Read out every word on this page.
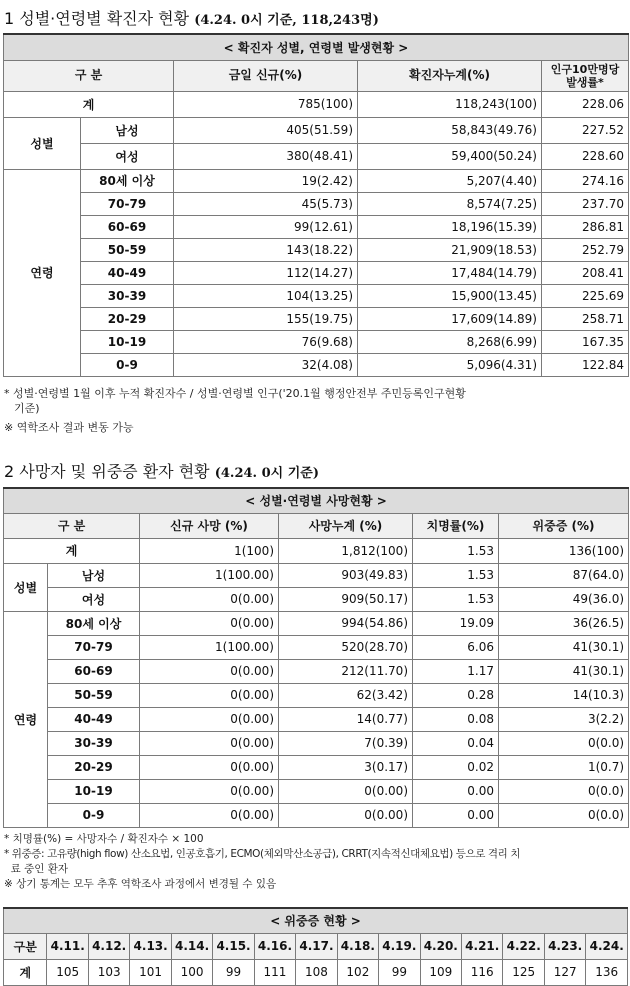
1 성별·연령별 확진자 현황 (4.24. 0시 기준, 118,243명)
< 확진자 성별, 연령별 발생현황 >				
구 분		금일 신규(%)	확진자누계(%)	인구10만명당 발생률*
계		785(100)	118,243(100)	228.06
성별	남성	405(51.59)	58,843(49.76)	227.52
	여성	380(48.41)	59,400(50.24)	228.60
연령	80세 이상	19(2.42)	5,207(4.40)	274.16
	70-79	45(5.73)	8,574(7.25)	237.70
	60-69	99(12.61)	18,196(15.39)	286.81
	50-59	143(18.22)	21,909(18.53)	252.79
	40-49	112(14.27)	17,484(14.79)	208.41
	30-39	104(13.25)	15,900(13.45)	225.69
	20-29	155(19.75)	17,609(14.89)	258.71
	10-19	76(9.68)	8,268(6.99)	167.35
	0-9	32(4.08)	5,096(4.31)	122.84
* 성별·연령별 1월 이후 누적 확진자수 / 성별·연령별 인구('20.1월 행정안전부 주민등록인구현황
기준)
※ 역학조사 결과 변동 가능
2 사망자 및 위중증 환자 현황 (4.24. 0시 기준)
< 성별·연령별 사망현황 >					
구 분		신규 사망 (%)	사망누계 (%)	치명률(%)	위중증 (%)
계		1(100)	1,812(100)	1.53	136(100)
성별	남성	1(100.00)	903(49.83)	1.53	87(64.0)
	여성	0(0.00)	909(50.17)	1.53	49(36.0)
연령	80세 이상	0(0.00)	994(54.86)	19.09	36(26.5)
	70-79	1(100.00)	520(28.70)	6.06	41(30.1)
	60-69	0(0.00)	212(11.70)	1.17	41(30.1)
	50-59	0(0.00)	62(3.42)	0.28	14(10.3)
	40-49	0(0.00)	14(0.77)	0.08	3(2.2)
	30-39	0(0.00)	7(0.39)	0.04	0(0.0)
	20-29	0(0.00)	3(0.17)	0.02	1(0.7)
	10-19	0(0.00)	0(0.00)	0.00	0(0.0)
	0-9	0(0.00)	0(0.00)	0.00	0(0.0)
* 치명률(%) = 사망자수 / 확진자수 × 100
* 위중증: 고유량(high flow) 산소요법, 인공호흡기, ECMO(체외막산소공급), CRRT(지속적신대체요법) 등으로 격리 치
료 중인 환자
※ 상기 통계는 모두 추후 역학조사 과정에서 변경될 수 있음
< 위중증 현황 >														
구분	4.11.	4.12.	4.13.	4.14.	4.15.	4.16.	4.17.	4.18.	4.19.	4.20.	4.21.	4.22.	4.23.	4.24.
계	105	103	101	100	99	111	108	102	99	109	116	125	127	136
